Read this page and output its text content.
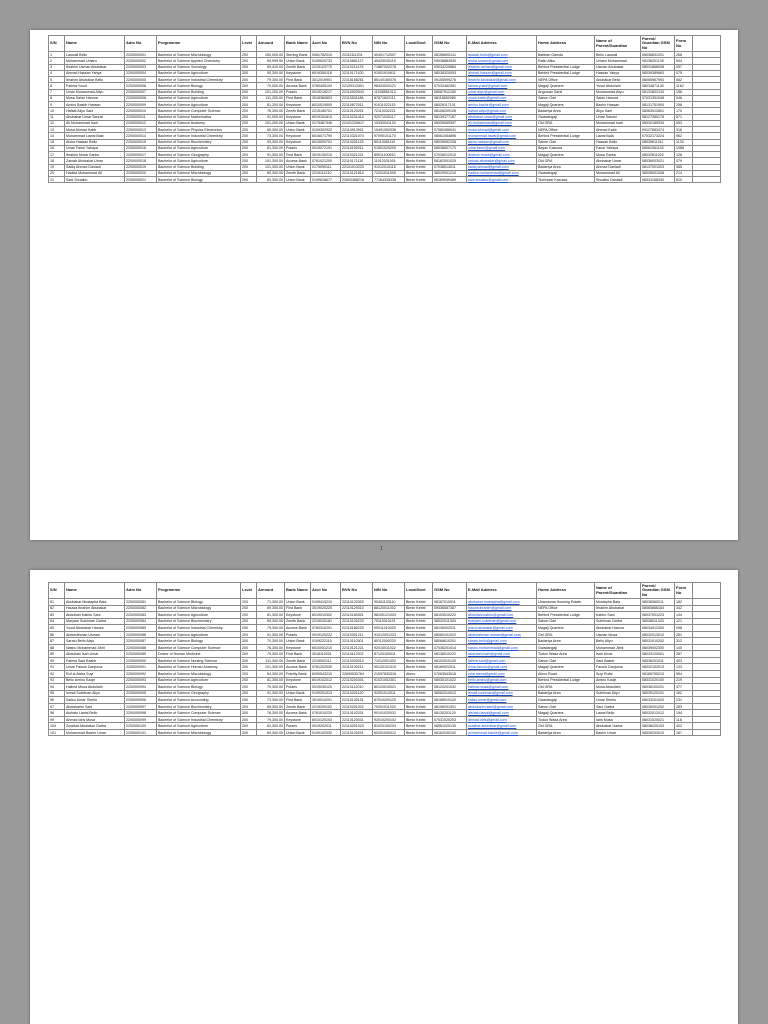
S/N	Name	Adm No	Programme	Level	Amount	Bank Name	Acct No	BVN No	NIN No	LocalGovt	GSM No	E-Mail Address	Home Address	Name of Parent/Guardian	Parent/ Guardian GSM No	Form No	
1	Lauwali Bello	2200000001	Bachelor of Science Microbiology	200	150,000.00	Sterling Bank	0061782010	22111111201	40401712007	Birnin Kebbi	08156690141	lauwali.bello@gmail.com	Babban Gamdu	Bello Lauwali	08036631201	268	
2	Muhammad Umaru	2200000002	Bachelor of Science Applied Chemistry	200	69,999.00	Union Bank	0109520733	22110851127	49425030119	Birnin Kebbi	09038884930	muhd.umaru@gmail.com	Rafin Atiku	Umaru Muhammad	08136201139	504	
3	Ibrahim Usman Abubakar	2200000003	Bachelor of Science Sociology	200	69,410.00	Zenith Bank	2215103770	22110211476	71887002278	Birnin Kebbi	09034229884	ibrahim.usman@gmail.com	Behind Presidential Lodge	Usman Abubakar	08031868938	057	
4	Ahmad Hassan Yahya	2200000004	Bachelor of Science Agriculture	200	90,300.00	Keystone	6019350118	22110171100	91001910611	Birnin Kebbi	08038320053	ahmad.hassan@gmail.com	Behind Presidential Lodge	Hassan Yahya	08039389663	075	
5	Ibrahim Abubakar Bello	2200000005	Bachelor of Science Industrial Chemistry	200	79,300.00	First Bank	3012019901	22118168261	85140160076	Birnin Kebbi	09155599276	ibrahim.abubakar@gmail.com	NEPA Office	Abubakar Bello	08065967993	062	
6	Fatima Yusuf	2200000006	Bachelor of Science Biology	200	70,000.00	Access Bank	0760405100	22109312501	98403520121	Birnin Kebbi	07033482081	fatima.yusuf@gmail.com	Magaji Quarters	Yusuf Abdullahi	08034671140	1162	
7	Umar Muhammad Aliyu	2200000007	Bachelor of Science Building	200	101,200.00	Polaris	0019218217	22110920943	11038561013	Birnin Kebbi	08067912180	umar.aliyu@gmail.com	Anguwan Sarki	Muhammad Aliyu	08131802134	156	
8	Musa Saidu Haruna	2200000008	Bachelor of Science Agriculture	200	111,200.00	First Bank	3018360603	22110531186	87871602111	Birnin Kebbi	08116692080	musa.saidu@gmail.com	Sabon Gari	Saidu Haruna	07031391048	046	
9	Aminu Bashir Hassan	2200000009	Bachelor of Science Agriculture	200	81,200.00	Keystone	6010519500	22110872011	91011022115	Birnin Kebbi	08026117101	aminu.bashir@gmail.com	Magaji Quarters	Bashir Hassan	08131751904	298	
10	Hafsat Aliyu Sani	2200000010	Bachelor of Science Computer Science	200	76,300.00	Zenith Bank	2215180701	22110120201	72110032221	Birnin Kebbi	08108209106	hafsat.aliyu@gmail.com	Badariya Area	Aliyu Sani	08063512801	170	
11	Abubakar Umar Sanusi	2200000011	Bachelor of Science Mathematics	200	91,000.00	Keystone	6019151810	22110231410	92071030117	Birnin Kebbi	08139377187	abubakar.umar@gmail.com	Gwadangaji	Umar Sanusi	08127380178	571	
12	Ali Muhammad Isah	2200000012	Bachelor of Science Anatomy	200	101,200.00	Union Bank	0175467346	22101230617	10330041120	Birnin Kebbi	08039069397	ali.muhammad@gmail.com	Old GRA	Muhammad Isah	08032189034	053	
13	Musa Ahmad Kabir	2200000013	Bachelor of Science Physics Electronics	200	69,300.00	Union Bank	0109302920	22110913921	10491052036	Birnin Kebbi	07060456041	musa.ahmad@gmail.com	NEPA Office	Ahmad Kabir	09127683474	316	
14	Muhammad Lawal Bala	2200000014	Bachelor of Science Industrial Chemistry	200	73,300.00	Keystone	6016071790	22110321074	97090101170	Birnin Kebbi	08061054896	muhammad.lawal@gmail.com	Behind Presidential Lodge	Lawal Bala	07032173224	962	
15	Aisha Hassan Bello	2200000015	Bachelor of Science Biochemistry	200	93,300.00	Keystone	6015000701	22110201133	80110081110	Birnin Kebbi	08039052208	aisha.hassan@gmail.com	Sabon Gari	Hassan Bello	08039611011	1133	
16	Umar Faruk Yahaya	2200000016	Bachelor of Science Agriculture	200	81,300.00	Polaris	0019072191	22110190211	91501020200	Birnin Kebbi	08038807170	umar.faruk@gmail.com	Bayan Kasuwa	Faruk Yahaya	08061061192	1088	
17	Ibrahim Musa Garba	2200000017	Bachelor of Science Geography	200	91,300.00	First Bank	3019130210	22110321221	89011100610	Birnin Kebbi	07036012010	ibrahim.musa@gmail.com	Magaji Quarters	Musa Garba	08032611022	126	
18	Zainab Abubakar Umar	2200000018	Bachelor of Science Agriculture	200	101,300.00	Access Bank	0761021200	22110171110	11012031001	Birnin Kebbi	08162001025	zainab.abubakar@gmail.com	Old GRA	Abubakar Umar	08036003021	079	
19	Sadiq Ahmad Danladi	2200000019	Bachelor of Science Building	200	101,300.00	Union Bank	0175090111	22101013220	91012010115	Birnin Kebbi	07038014011	sadiq.ahmad@gmail.com	Badariya Area	Ahmad Danladi	08137001003	085	
20	Hadiza Muhammad Ali	2200000020	Bachelor of Science Microbiology	200	80,300.00	Zenith Bank	2215111210	22110121810	72201011005	Birnin Kebbi	08029001210	hadiza.muhammad@gmail.com	Gwadangaji	Muhammad Ali	08035001008	214	
21	Sadi Shuaibu	2200000021	Bachelor of Science Biology	200	83,300.00	Union Bank	0109616677	22600468216	77164335338	Birnin Kebbi	08169549489	sadi.shuaibu@gmail.com	Tsohuwar Kasuwa	Shuaibu Danladi	08033168340	810	
1
S/N	Name	Adm No	Programme	Level	Amount	Bank Name	Acct No	BVN No	NIN No	LocalGovt	GSM No	E-Mail Address	Home Address	Name of Parent/Guardian	Parent/ Guardian GSM No	Form No	
81	Abubakar Mustapha Bala	2200000081	Bachelor of Science Biology	200	71,300.00	Union Bank	0109410210	22110120303	90401103110	Birnin Kebbi	08167010011	abubakar.mustapha@gmail.com	Ubandoma Housing Estate	Mustapha Bala	08036960011	182	
82	Hauwa Ibrahim Abubakar	2200000082	Bachelor of Science Microbiology	200	69,300.00	First Bank	3019020220	22110129310	88120011002	Birnin Kebbi	09036587387	hauwa.ibrahim@gmail.com	NEPA Office	Ibrahim Abubakar	08065866154	342	
83	Abdullahi Kabiru Sani	2200000083	Bachelor of Science Agriculture	200	81,300.00	Keystone	6019010302	22110180301	98100121003	Birnin Kebbi	08103010222	abdullahi.kabiru@gmail.com	Behind Presidential Lodge	Kabiru Sani	08037001223	144	
84	Maryam Suleiman Garba	2200000084	Bachelor of Science Biochemistry	200	69,300.00	Zenith Bank	2215030181	22110130220	70110010101	Birnin Kebbi	08032011304	maryam.suleiman@gmail.com	Sabon Gari	Suleiman Garba	08038011333	121	
85	Yusuf Abubakar Hamza	2200000085	Bachelor of Science Industrial Chemistry	200	79,300.00	Access Bank	0760310201	22110180220	90011010320	Birnin Kebbi	08130002011	yusuf.abubakar@gmail.com	Magaji Quarters	Abubakar Hamza	08034012300	098	
86	Abdulrahman Usman	2200000086	Bachelor of Science Agriculture	200	91,300.00	Polaris	0019120222	22110301211	91012001223	Birnin Kebbi	08060101022	abdulrahman.usman@gmail.com	Old GRA	Usman Musa	08032013010	251	
87	Saratu Bello Aliyu	2200000087	Bachelor of Science Biology	200	70,300.00	Union Bank	0109222110	22110110301	80112000220	Birnin Kebbi	08066610201	saratu.bello@gmail.com	Badariya Area	Bello Aliyu	08031010202	312	
88	Nasiru Muhammad Jibril	2200000088	Bachelor of Science Computer Science	200	76,300.00	Keystone	6010001210	22110121221	92010011022	Birnin Kebbi	07036201014	nasiru.muhammad@gmail.com	Gwadangaji	Muhammad Jibril	08039002300	145	
89	Abdullahi Isah Umar	2200000089	Doctor of Human Medicine	200	79,300.00	First Bank	3018110201	22110112202	87120100011	Birnin Kebbi	08138010222	abdullahi.isah@gmail.com	Tudun Wada Area	Isah Umar	08033120001	287	
90	Fatima Sani Bashir	2200000090	Bachelor of Science Nursing Science	200	111,300.00	Zenith Bank	2215002111	22110203010	71012001302	Birnin Kebbi	08102010120	fatima.sani@gmail.com	Sabon Gari	Sani Bashir	08036201011	403	
91	Umar Farouk Danjuma	2200000091	Bachelor of Science Human Anatomy	200	101,300.00	Access Bank	0761202030	22110130211	90120101010	Birnin Kebbi	08169022011	umar.farouk@gmail.com	Magaji Quarters	Farouk Danjuma	08032102013	133	
92	Ruf ai Aisha Suyi	2200000092	Bachelor of Science Microbiology	200	64,300.00	Fidelity Bank	6090543210	22690530764	21097830316	Aliero	07063543016	rufai.aisha@gmail.com	Aliero Road	Suyi Rufai	08165795210	554	
93	Bello Aminu Kaoje	2200000093	Bachelor of Science Agriculture	200	81,300.00	Keystone	6019102012	22110200301	91021002301	Birnin Kebbi	08030101022	bello.aminu@gmail.com	Behind Presidential Lodge	Aminu Kaoje	08031020100	219	
94	Halima Musa Abdullahi	2200000094	Bachelor of Science Biology	200	70,300.00	Polaris	0019030120	22110112010	80120010021	Birnin Kebbi	08120201032	halima.musa@gmail.com	Old GRA	Musa Abdullahi	08036100201	377	
95	Ismail Suleiman Aliyu	2200000095	Bachelor of Science Geography	200	91,300.00	Union Bank	0109201013	22110201120	92001012011	Birnin Kebbi	08062010012	ismail.suleiman@gmail.com	Badariya Area	Suleiman Aliyu	08039120101	162	
96	Salisu Umar Shehu	2200000096	Bachelor of Science Accounting	200	73,300.00	First Bank	3019010201	22110130101	87010200120	Birnin Kebbi	08168010120	salisu.umar@gmail.com	Gwadangaji	Umar Shehu	08033201020	231	
97	Abdulkarim Sani	2200000097	Bachelor of Science Biochemistry	200	69,300.00	Zenith Bank	2215200102	22110201002	70201011020	Birnin Kebbi	08106201001	abdulkarim.sani@gmail.com	Sabon Gari	Sani Garba	08035201202	283	
98	Aishatu Lawal Bello	2200000098	Bachelor of Science Computer Science	200	76,300.00	Access Bank	0761010220	22110102201	90101020031	Birnin Kebbi	08130201120	aishatu.lawal@gmail.com	Magaji Quarters	Lawal Bello	08032012012	194	
99	Ahmad Idris Musa	2200000099	Bachelor of Science Industrial Chemistry	200	79,300.00	Keystone	6010120103	22110120031	92010200102	Birnin Kebbi	07031020203	ahmad.idris@gmail.com	Tudun Wada Area	Idris Musa	08031020021	118	
100	Zulaihat Abubakar Garba	2200000100	Bachelor of Science Agriculture	200	81,300.00	Polaris	0019202011	22110201023	81020100203	Birnin Kebbi	08061020130	zulaihat.abubakar@gmail.com	Old GRA	Abubakar Garba	08036020103	402	
101	Muhammad Bashir Umar	2200000101	Bachelor of Science Microbiology	200	69,300.00	Union Bank	0109102030	22110130201	80201030012	Birnin Kebbi	08162030102	muhammad.bashir@gmail.com	Badariya Area	Bashir Umar	08039203010	167	
